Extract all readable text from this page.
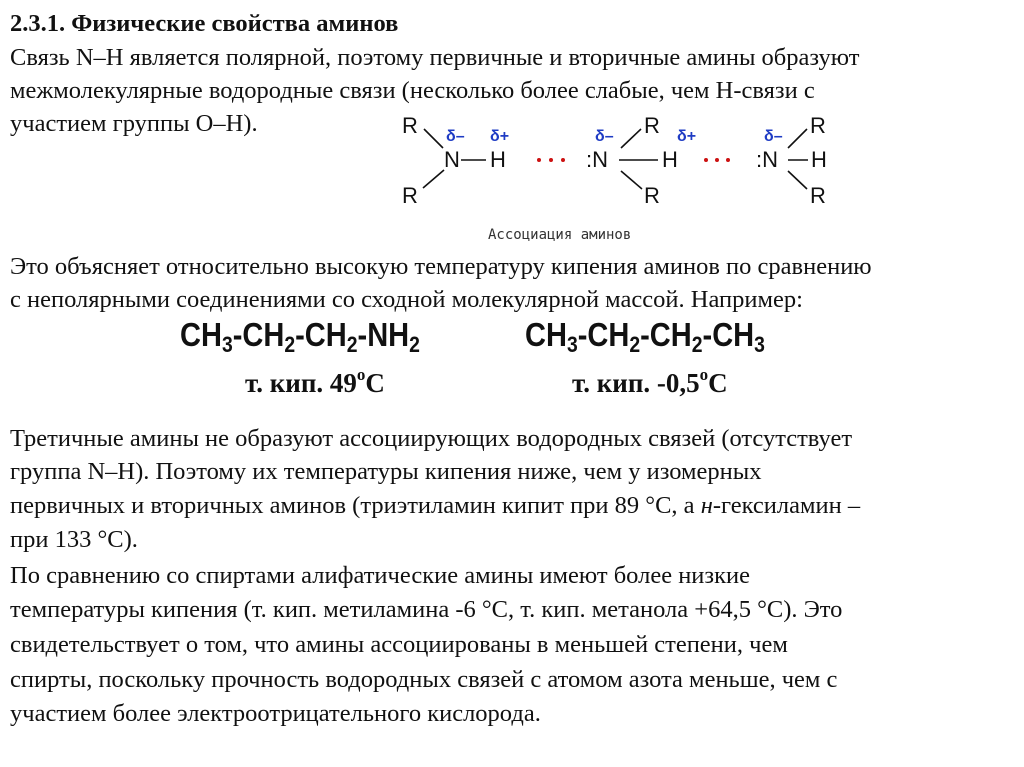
2.3.1. Физические свойства аминов
Связь N–H является полярной, поэтому первичные и вторичные амины образуют
межмолекулярные водородные связи (несколько более слабые, чем Н-связи с
участием группы О–Н).	R δ– δ+
N H
R
δ– R δ+
:N H
R
Ассоциация аминов
δ– R
:N H
R
Это объясняет относительно высокую температуру кипения аминов по сравнению
с неполярными соединениями со сходной молекулярной массой. Например:
$CH_3-CH_2-CH_2-NH_2$	$CH_3-CH_2-CH_2-CH_3$
т. кип. 49$^o$C	т. кип. -0,5$^o$C
Третичные амины не образуют ассоциирующих водородных связей (отсутствует
группа N–H). Поэтому их температуры кипения ниже, чем у изомерных
первичных и вторичных аминов (триэтиламин кипит при 89 °С, а н-гексиламин –
при 133 °С).
По сравнению со спиртами алифатические амины имеют более низкие
температуры кипения (т. кип. метиламина -6 °С, т. кип. метанола +64,5 °С). Это
свидетельствует о том, что амины ассоциированы в меньшей степени, чем
спирты, поскольку прочность водородных связей с атомом азота меньше, чем с
участием более электроотрицательного кислорода.
